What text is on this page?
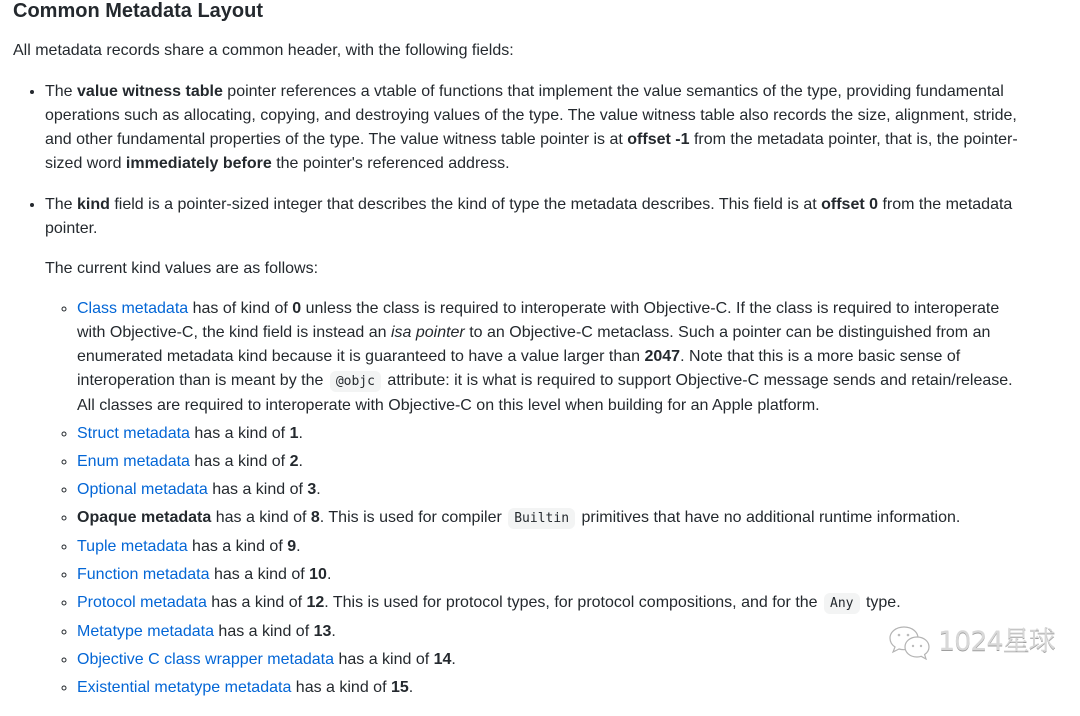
Common Metadata Layout

All metadata records share a common header, with the following fields:

• The value witness table pointer references a vtable of functions that implement the value semantics of the type, providing fundamental operations such as allocating, copying, and destroying values of the type. The value witness table also records the size, alignment, stride, and other fundamental properties of the type. The value witness table pointer is at offset -1 from the metadata pointer, that is, the pointer-sized word immediately before the pointer's referenced address.

• The kind field is a pointer-sized integer that describes the kind of type the metadata describes. This field is at offset 0 from the metadata pointer.

The current kind values are as follows:

◦ Class metadata has of kind of 0 unless the class is required to interoperate with Objective-C. If the class is required to interoperate with Objective-C, the kind field is instead an isa pointer to an Objective-C metaclass. Such a pointer can be distinguished from an enumerated metadata kind because it is guaranteed to have a value larger than 2047. Note that this is a more basic sense of interoperation than is meant by the @objc attribute: it is what is required to support Objective-C message sends and retain/release. All classes are required to interoperate with Objective-C on this level when building for an Apple platform.
◦ Struct metadata has a kind of 1.
◦ Enum metadata has a kind of 2.
◦ Optional metadata has a kind of 3.
◦ Opaque metadata has a kind of 8. This is used for compiler Builtin primitives that have no additional runtime information.
◦ Tuple metadata has a kind of 9.
◦ Function metadata has a kind of 10.
◦ Protocol metadata has a kind of 12. This is used for protocol types, for protocol compositions, and for the Any type.
◦ Metatype metadata has a kind of 13.
◦ Objective C class wrapper metadata has a kind of 14.
◦ Existential metatype metadata has a kind of 15.
1024星球
